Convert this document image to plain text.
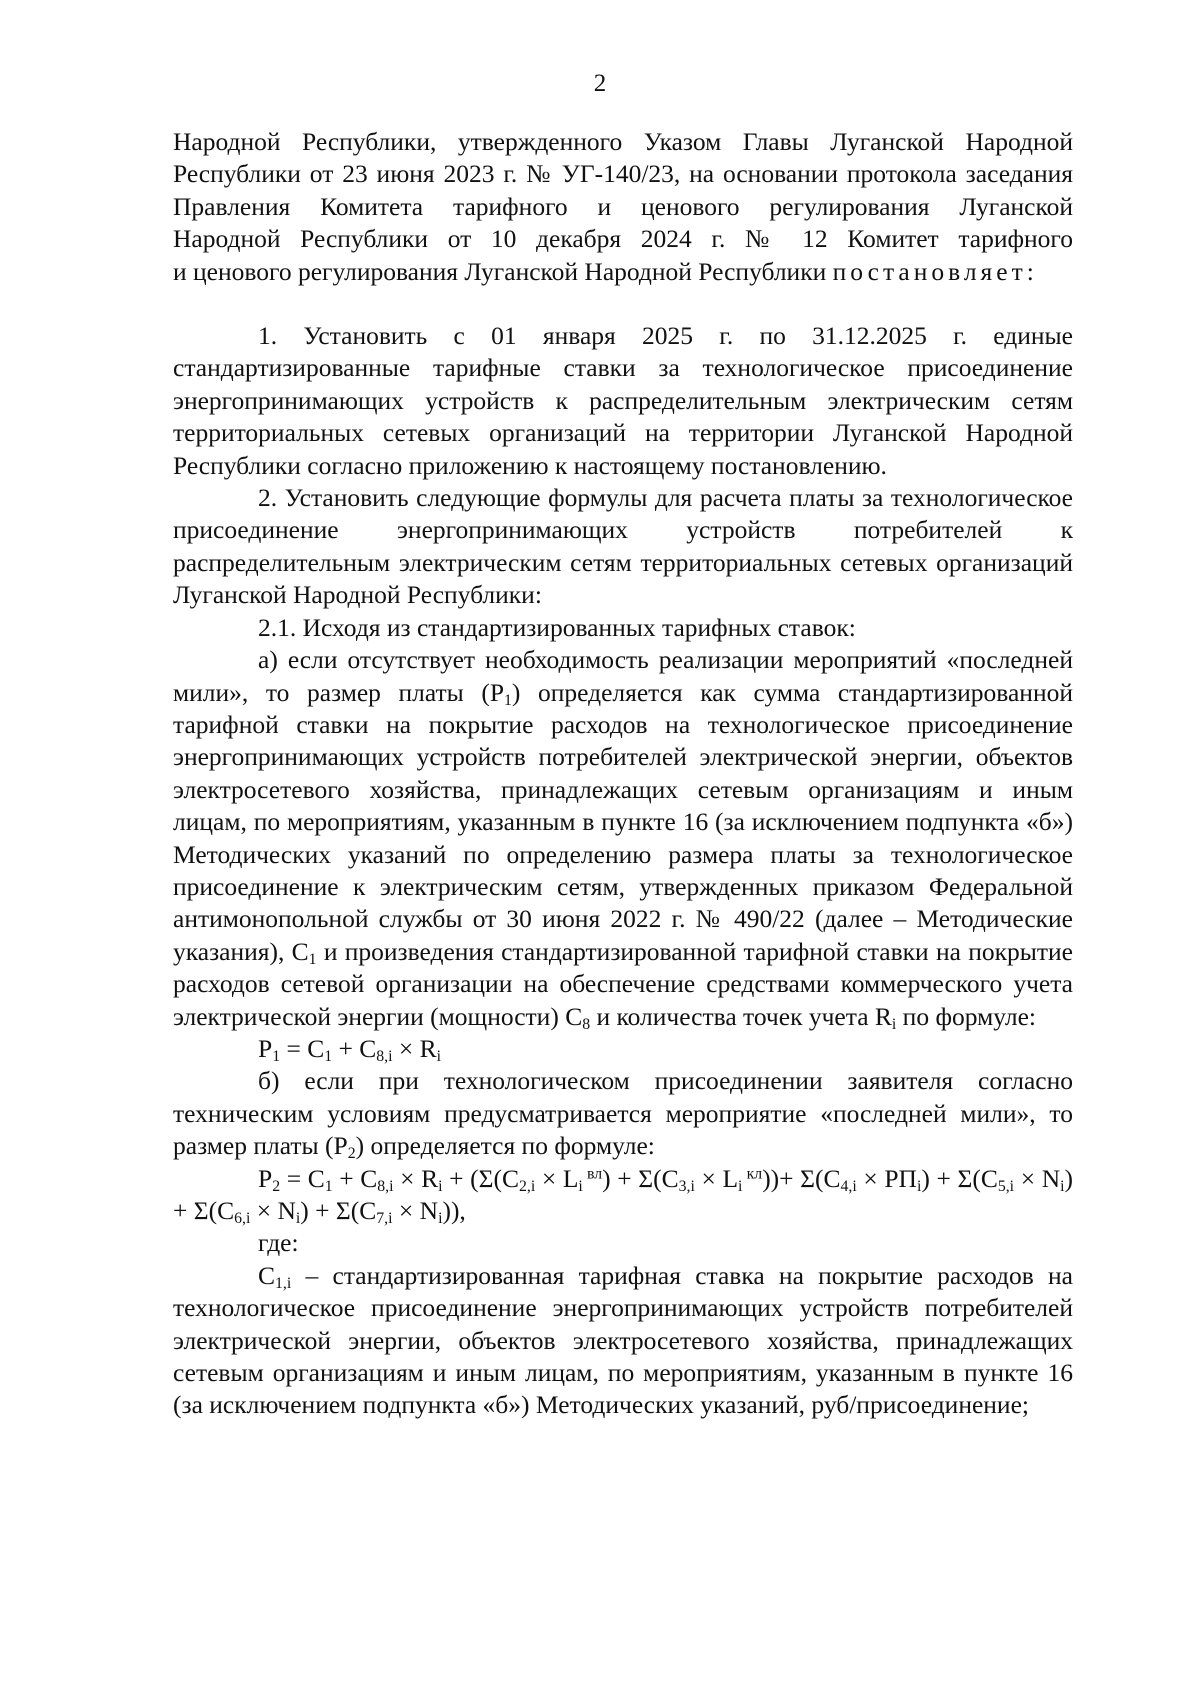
2

Народной Республики, утвержденного Указом Главы Луганской Народной

Республики от 23 июня 2023 г. № УГ-140/23, на основании протокола заседания

Правления Комитета тарифного и ценового регулирования Луганской

Народной Республики от 10 декабря 2024 г. № 12 Комитет тарифного

и ценового регулирования Луганской Народной Республики постановляет:

1. Установить с 01 января 2025 г. по 31.12.2025 г. единые стандартизированные тарифные ставки за технологическое присоединение энергопринимающих устройств к распределительным электрическим сетям территориальных сетевых организаций на территории Луганской Народной Республики согласно приложению к настоящему постановлению.

2. Установить следующие формулы для расчета платы за технологическое присоединение энергопринимающих устройств потребителей к распределительным электрическим сетям территориальных сетевых организаций Луганской Народной Республики:

2.1. Исходя из стандартизированных тарифных ставок:

а) если отсутствует необходимость реализации мероприятий «последней мили», то размер платы $(P_1)$ определяется как сумма стандартизированной тарифной ставки на покрытие расходов на технологическое присоединение энергопринимающих устройств потребителей электрической энергии, объектов электросетевого хозяйства, принадлежащих сетевым организациям и иным лицам, по мероприятиям, указанным в пункте 16 (за исключением подпункта «б») Методических указаний по определению размера платы за технологическое присоединение к электрическим сетям, утвержденных приказом Федеральной антимонопольной службы от 30 июня 2022 г. № 490/22 (далее – Методические указания), $C_1$ и произведения стандартизированной тарифной ставки на покрытие расходов сетевой организации на обеспечение средствами коммерческого учета электрической энергии (мощности) $C_8$ и количества точек учета $R_i$ по формуле:

$P_1 = C_1 + C_{8,i} \times R_i$

б) если при технологическом присоединении заявителя согласно техническим условиям предусматривается мероприятие «последней мили», то размер платы $(P_2)$ определяется по формуле:

$P_2 = C_1 + C_{8,i} \times R_i + (\Sigma(C_{2,i} \times L_i$ $^{вл}) + \Sigma(C_{3,i} \times L_i$ $^{кл}))+ \Sigma(C_{4,i} \times РП_i) + \Sigma(C_{5,i} \times N_i) + \Sigma(C_{6,i} \times N_i) + \Sigma(C_{7,i} \times N_i)$),

где:

$C_{1,i}$ – стандартизированная тарифная ставка на покрытие расходов на технологическое присоединение энергопринимающих устройств потребителей электрической энергии, объектов электросетевого хозяйства, принадлежащих сетевым организациям и иным лицам, по мероприятиям, указанным в пункте 16 (за исключением подпункта «б») Методических указаний, руб/присоединение;
